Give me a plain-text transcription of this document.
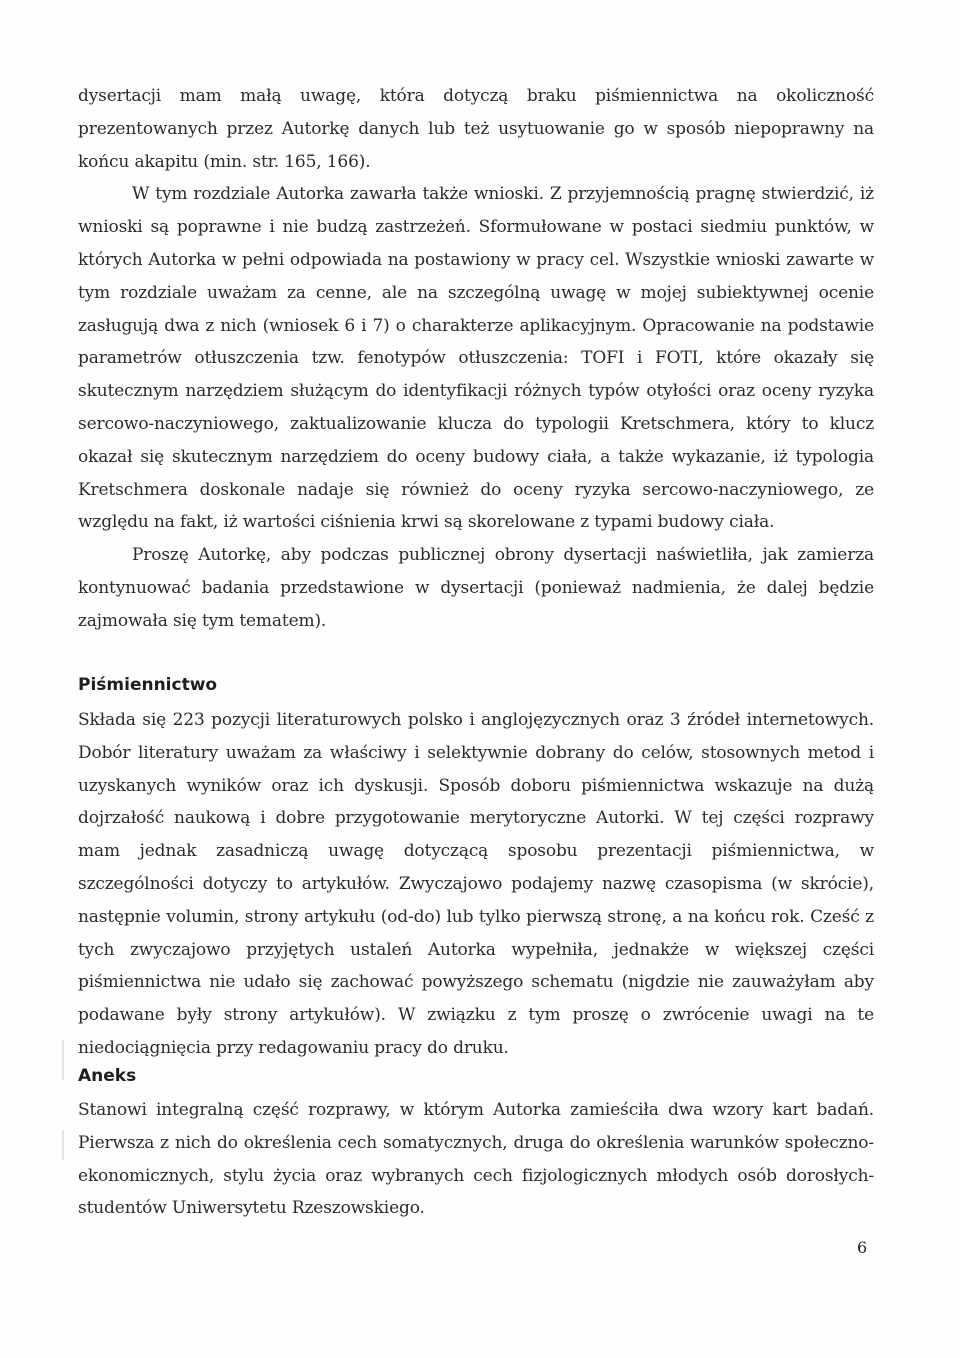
dysertacji mam małą uwagę, która dotyczą braku piśmiennictwa na okoliczność prezentowanych przez Autorkę danych lub też usytuowanie go w sposób niepoprawny na końcu akapitu (min. str. 165, 166).

W tym rozdziale Autorka zawarła także wnioski. Z przyjemnością pragnę stwierdzić, iż wnioski są poprawne i nie budzą zastrzeżeń. Sformułowane w postaci siedmiu punktów, w których Autorka w pełni odpowiada na postawiony w pracy cel. Wszystkie wnioski zawarte w tym rozdziale uważam za cenne, ale na szczególną uwagę w mojej subiektywnej ocenie zasługują dwa z nich (wniosek 6 i 7) o charakterze aplikacyjnym. Opracowanie na podstawie parametrów otłuszczenia tzw. fenotypów otłuszczenia: TOFI i FOTI, które okazały się skutecznym narzędziem służącym do identyfikacji różnych typów otyłości oraz oceny ryzyka sercowo-naczyniowego, zaktualizowanie klucza do typologii Kretschmera, który to klucz okazał się skutecznym narzędziem do oceny budowy ciała, a także wykazanie, iż typologia Kretschmera doskonale nadaje się również do oceny ryzyka sercowo-naczyniowego, ze względu na fakt, iż wartości ciśnienia krwi są skorelowane z typami budowy ciała.

Proszę Autorkę, aby podczas publicznej obrony dysertacji naświetliła, jak zamierza kontynuować badania przedstawione w dysertacji (ponieważ nadmienia, że dalej będzie zajmowała się tym tematem).

Piśmiennictwo

Składa się 223 pozycji literaturowych polsko i anglojęzycznych oraz 3 źródeł internetowych. Dobór literatury uważam za właściwy i selektywnie dobrany do celów, stosownych metod i uzyskanych wyników oraz ich dyskusji. Sposób doboru piśmiennictwa wskazuje na dużą dojrzałość naukową i dobre przygotowanie merytoryczne Autorki. W tej części rozprawy mam jednak zasadniczą uwagę dotyczącą sposobu prezentacji piśmiennictwa, w szczególności dotyczy to artykułów. Zwyczajowo podajemy nazwę czasopisma (w skrócie), następnie volumin, strony artykułu (od-do) lub tylko pierwszą stronę, a na końcu rok. Cześć z tych zwyczajowo przyjętych ustaleń Autorka wypełniła, jednakże w większej części piśmiennictwa nie udało się zachować powyższego schematu (nigdzie nie zauważyłam aby podawane były strony artykułów). W związku z tym proszę o zwrócenie uwagi na te niedociągnięcia przy redagowaniu pracy do druku.

Aneks

Stanowi integralną część rozprawy, w którym Autorka zamieściła dwa wzory kart badań. Pierwsza z nich do określenia cech somatycznych, druga do określenia warunków społeczno-ekonomicznych, stylu życia oraz wybranych cech fizjologicznych młodych osób dorosłych-studentów Uniwersytetu Rzeszowskiego.

6
